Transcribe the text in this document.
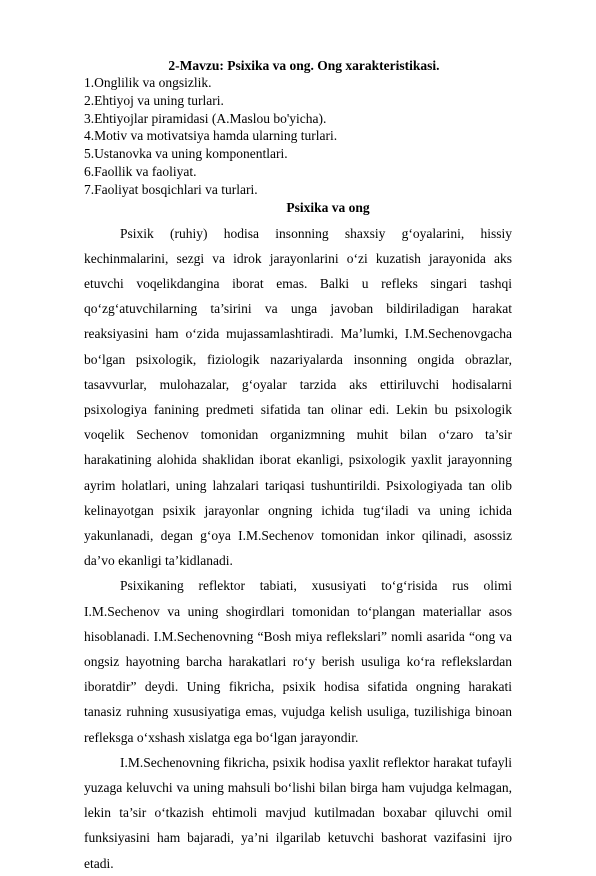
2-Mavzu: Psixika va ong. Ong xarakteristikasi.
1.Onglilik va ongsizlik.
2.Ehtiyoj va uning turlari.
3.Ehtiyojlar piramidasi (A.Maslou bo'yicha).
4.Motiv va motivatsiya hamda ularning turlari.
5.Ustanovka va uning komponentlari.
6.Faollik va faoliyat.
7.Faoliyat bosqichlari va turlari.
Psixika va ong

Psixik (ruhiy) hodisa insonning shaxsiy g‘oyalarini, hissiy kechinmalarini, sezgi va idrok jarayonlarini o‘zi kuzatish jarayonida aks etuvchi voqelikdangina iborat emas. Balki u refleks singari tashqi qo‘zg‘atuvchilarning ta’sirini va unga javoban bildiriladigan harakat reaksiyasini ham o‘zida mujassamlashtiradi. Ma’lumki, I.M.Sechenovgacha bo‘lgan psixologik, fiziologik nazariyalarda insonning ongida obrazlar, tasavvurlar, mulohazalar, g‘oyalar tarzida aks ettiriluvchi hodisalarni psixologiya fanining predmeti sifatida tan olinar edi. Lekin bu psixologik voqelik Sechenov tomonidan organizmning muhit bilan o‘zaro ta’sir harakatining alohida shaklidan iborat ekanligi, psixologik yaxlit jarayonning ayrim holatlari, uning lahzalari tariqasi tushuntirildi. Psixologiyada tan olib kelinayotgan psixik jarayonlar ongning ichida tug‘iladi va uning ichida yakunlanadi, degan g‘oya I.M.Sechenov tomonidan inkor qilinadi, asossiz da’vo ekanligi ta’kidlanadi.

Psixikaning reflektor tabiati, xususiyati to‘g‘risida rus olimi I.M.Sechenov va uning shogirdlari tomonidan to‘plangan materiallar asos hisoblanadi. I.M.Sechenovning “Bosh miya reflekslari” nomli asarida “ong va ongsiz hayotning barcha harakatlari ro‘y berish usuliga ko‘ra reflekslardan iboratdir” deydi. Uning fikricha, psixik hodisa sifatida ongning harakati tanasiz ruhning xususiyatiga emas, vujudga kelish usuliga, tuzilishiga binoan refleksga o‘xshash xislatga ega bo‘lgan jarayondir.

I.M.Sechenovning fikricha, psixik hodisa yaxlit reflektor harakat tufayli yuzaga keluvchi va uning mahsuli bo‘lishi bilan birga ham vujudga kelmagan, lekin ta’sir o‘tkazish ehtimoli mavjud kutilmadan boxabar qiluvchi omil funksiyasini ham bajaradi, ya’ni ilgarilab ketuvchi bashorat vazifasini ijro etadi.
